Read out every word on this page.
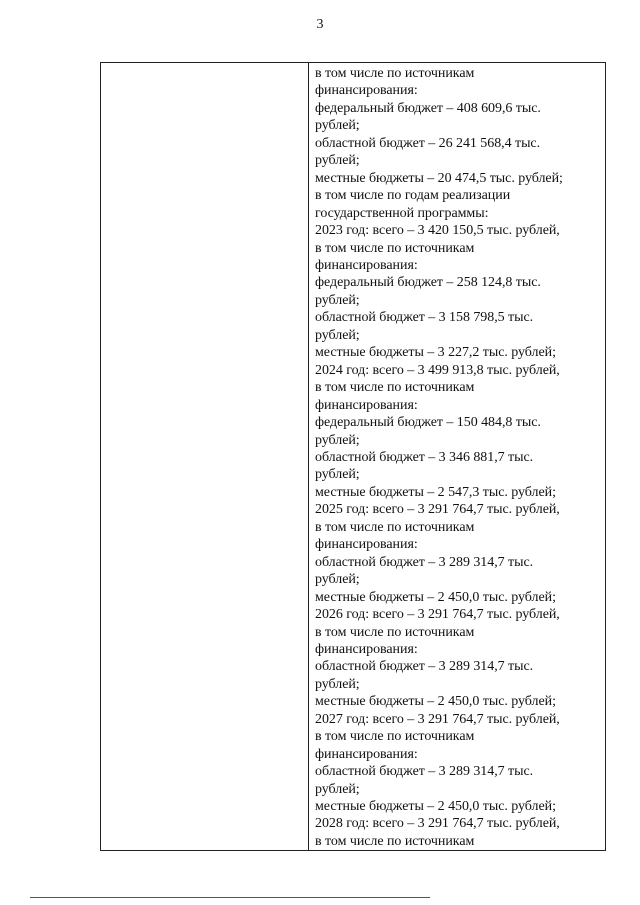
3

в том числе по источникам
финансирования:
федеральный бюджет – 408 609,6 тыс.
рублей;
областной бюджет – 26 241 568,4 тыс.
рублей;
местные бюджеты – 20 474,5 тыс. рублей;
в том числе по годам реализации
государственной программы:
2023 год: всего – 3 420 150,5 тыс. рублей,
в том числе по источникам
финансирования:
федеральный бюджет – 258 124,8 тыс.
рублей;
областной бюджет – 3 158 798,5 тыс.
рублей;
местные бюджеты – 3 227,2 тыс. рублей;
2024 год: всего – 3 499 913,8 тыс. рублей,
в том числе по источникам
финансирования:
федеральный бюджет – 150 484,8 тыс.
рублей;
областной бюджет – 3 346 881,7 тыс.
рублей;
местные бюджеты – 2 547,3 тыс. рублей;
2025 год: всего – 3 291 764,7 тыс. рублей,
в том числе по источникам
финансирования:
областной бюджет – 3 289 314,7 тыс.
рублей;
местные бюджеты – 2 450,0 тыс. рублей;
2026 год: всего – 3 291 764,7 тыс. рублей,
в том числе по источникам
финансирования:
областной бюджет – 3 289 314,7 тыс.
рублей;
местные бюджеты – 2 450,0 тыс. рублей;
2027 год: всего – 3 291 764,7 тыс. рублей,
в том числе по источникам
финансирования:
областной бюджет – 3 289 314,7 тыс.
рублей;
местные бюджеты – 2 450,0 тыс. рублей;
2028 год: всего – 3 291 764,7 тыс. рублей,
в том числе по источникам
